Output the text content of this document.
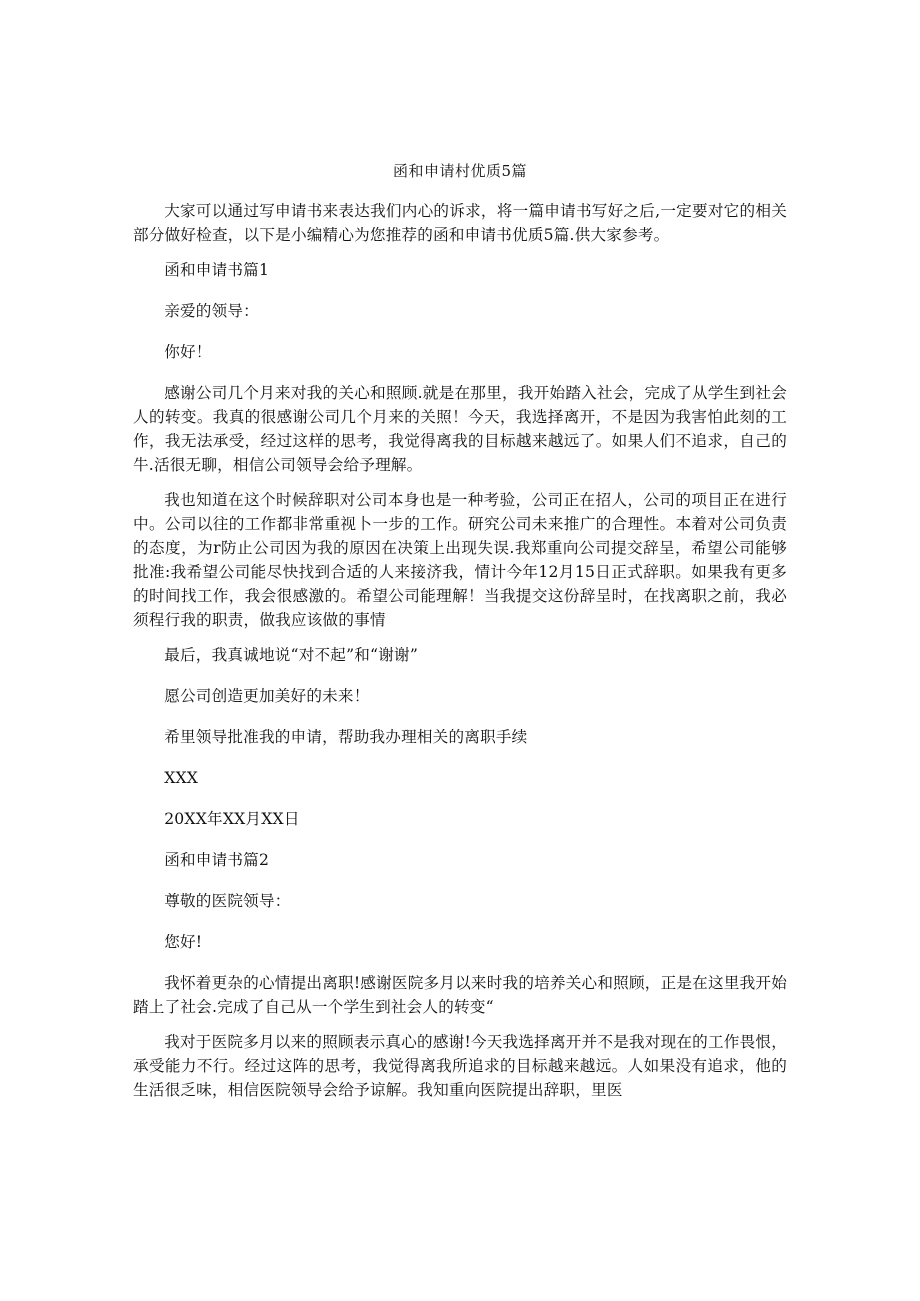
函和申请村优质5篇

大家可以通过写申请书来表达我们内心的诉求，将一篇申请书写好之后,一定要对它的相关部分做好检查，以下是小编精心为您推荐的函和申请书优质5篇.供大家参考。

函和申请书篇1

亲爱的领导：

你好！

感谢公司几个月来对我的关心和照顾.就是在那里，我开始踏入社会，完成了从学生到社会人的转变。我真的很感谢公司几个月来的关照！今天，我选择离开，不是因为我害怕此刻的工作，我无法承受，经过这样的思考，我觉得离我的目标越来越远了。如果人们不追求，自己的牛.活很无聊，相信公司领导会给予理解。

我也知道在这个时候辞职对公司本身也是一种考验，公司正在招人，公司的项目正在进行中。公司以往的工作都非常重视卜一步的工作。研究公司未来推广的合理性。本着对公司负责的态度，为r防止公司因为我的原因在决策上出现失误.我郑重向公司提交辞呈，希望公司能够批准:我希望公司能尽快找到合适的人来接济我，情计今年12月15日正式辞职。如果我有更多的时间找工作，我会很感激的。希望公司能理解！当我提交这份辞呈时，在找离职之前，我必须程行我的职责，做我应该做的事情

最后，我真诚地说“对不起”和“谢谢”

愿公司创造更加美好的未来！

希里领导批准我的申请，帮助我办理相关的离职手续

XXX

20XX年XX月XX日

函和申请书篇2

尊敬的医院领导：

您好!

我怀着更杂的心情提出离职!感谢医院多月以来时我的培养关心和照顾，正是在这里我开始踏上了社会.完成了自己从一个学生到社会人的转变“

我对于医院多月以来的照顾表示真心的感谢!今天我选择离开并不是我对现在的工作畏恨，承受能力不行。经过这阵的思考，我觉得离我所追求的目标越来越远。人如果没有追求，他的生活很乏味，相信医院领导会给予谅解。我知重向医院提出辞职，里医
